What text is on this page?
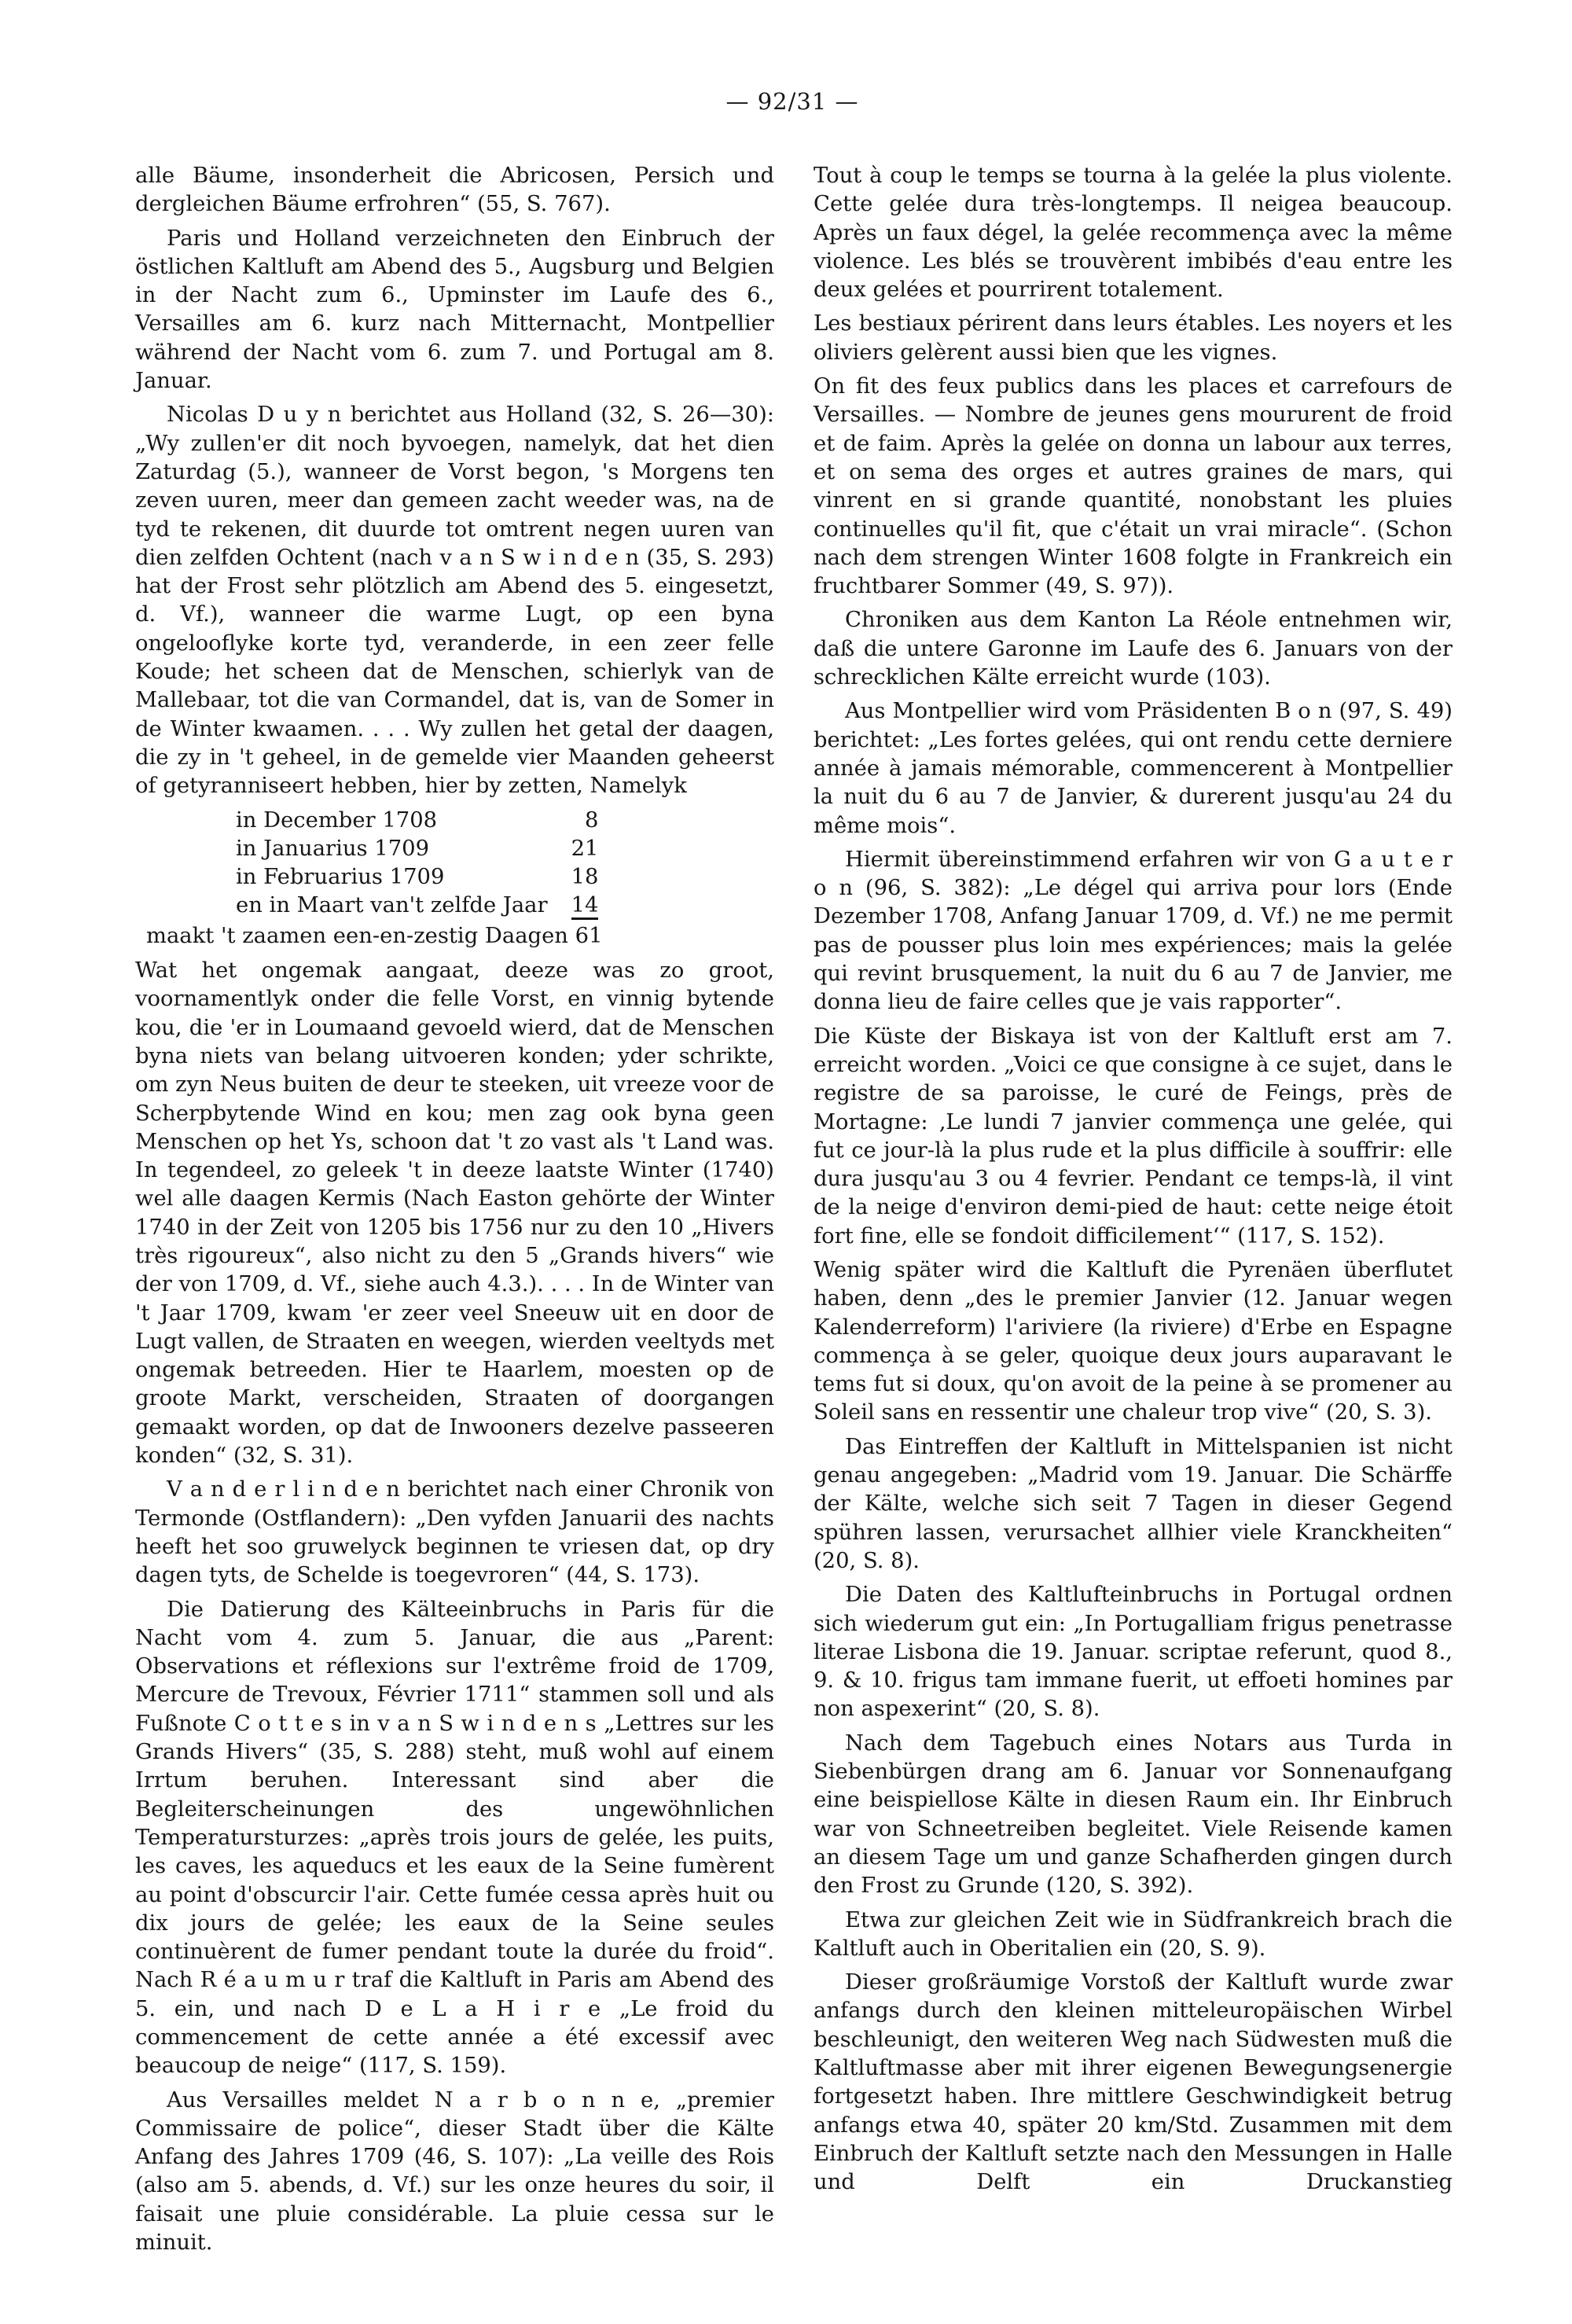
— 92/31 —

alle Bäume, insonderheit die Abricosen, Persich und dergleichen Bäume erfrohren“ (55, S. 767).

Paris und Holland verzeichneten den Einbruch der östlichen Kaltluft am Abend des 5., Augsburg und Belgien in der Nacht zum 6., Upminster im Laufe des 6., Versailles am 6. kurz nach Mitternacht, Montpellier während der Nacht vom 6. zum 7. und Portugal am 8. Januar.

Nicolas D u y n berichtet aus Holland (32, S. 26—30): „Wy zullen'er dit noch byvoegen, namelyk, dat het dien Zaturdag (5.), wanneer de Vorst begon, 's Morgens ten zeven uuren, meer dan gemeen zacht weeder was, na de tyd te rekenen, dit duurde tot omtrent negen uuren van dien zelfden Ochtent (nach v a n S w i n d e n (35, S. 293) hat der Frost sehr plötzlich am Abend des 5. eingesetzt, d. Vf.), wanneer die warme Lugt, op een byna ongelooflyke korte tyd, veranderde, in een zeer felle Koude; het scheen dat de Menschen, schierlyk van de Mallebaar, tot die van Cormandel, dat is, van de Somer in de Winter kwaamen. . . . Wy zullen het getal der daagen, die zy in 't geheel, in de gemelde vier Maanden geheerst of getyranniseert hebben, hier by zetten, Namelyk

in December 1708	8
in Januarius 1709	21
in Februarius 1709	18
en in Maart van't zelfde Jaar	14
maakt 't zaamen een-en-zestig Daagen 61

Wat het ongemak aangaat, deeze was zo groot, voornamentlyk onder die felle Vorst, en vinnig bytende kou, die 'er in Loumaand gevoeld wierd, dat de Menschen byna niets van belang uitvoeren konden; yder schrikte, om zyn Neus buiten de deur te steeken, uit vreeze voor de Scherpbytende Wind en kou; men zag ook byna geen Menschen op het Ys, schoon dat 't zo vast als 't Land was. In tegendeel, zo geleek 't in deeze laatste Winter (1740) wel alle daagen Kermis (Nach Easton gehörte der Winter 1740 in der Zeit von 1205 bis 1756 nur zu den 10 „Hivers très rigoureux“, also nicht zu den 5 „Grands hivers“ wie der von 1709, d. Vf., siehe auch 4.3.). . . . In de Winter van 't Jaar 1709, kwam 'er zeer veel Sneeuw uit en door de Lugt vallen, de Straaten en weegen, wierden veeltyds met ongemak betreeden. Hier te Haarlem, moesten op de groote Markt, verscheiden, Straaten of doorgangen gemaakt worden, op dat de Inwooners dezelve passeeren konden“ (32, S. 31).

V a n d e r l i n d e n berichtet nach einer Chronik von Termonde (Ostflandern): „Den vyfden Januarii des nachts heeft het soo gruwelyck beginnen te vriesen dat, op dry dagen tyts, de Schelde is toegevroren“ (44, S. 173).

Die Datierung des Kälteeinbruchs in Paris für die Nacht vom 4. zum 5. Januar, die aus „Parent: Observations et réflexions sur l'extrême froid de 1709, Mercure de Trevoux, Février 1711“ stammen soll und als Fußnote C o t t e s in v a n S w i n d e n s „Lettres sur les Grands Hivers“ (35, S. 288) steht, muß wohl auf einem Irrtum beruhen. Interessant sind aber die Begleiterscheinungen des ungewöhnlichen Temperatursturzes: „après trois jours de gelée, les puits, les caves, les aqueducs et les eaux de la Seine fumèrent au point d'obscurcir l'air. Cette fumée cessa après huit ou dix jours de gelée; les eaux de la Seine seules continuèrent de fumer pendant toute la durée du froid“. Nach R é a u m u r traf die Kaltluft in Paris am Abend des 5. ein, und nach D e L a H i r e „Le froid du commencement de cette année a été excessif avec beaucoup de neige“ (117, S. 159).

Aus Versailles meldet N a r b o n n e, „premier Commissaire de police“, dieser Stadt über die Kälte Anfang des Jahres 1709 (46, S. 107): „La veille des Rois (also am 5. abends, d. Vf.) sur les onze heures du soir, il faisait une pluie considérable. La pluie cessa sur le minuit.

Tout à coup le temps se tourna à la gelée la plus violente. Cette gelée dura très-longtemps. Il neigea beaucoup. Après un faux dégel, la gelée recommença avec la même violence. Les blés se trouvèrent imbibés d'eau entre les deux gelées et pourrirent totalement.

Les bestiaux périrent dans leurs étables. Les noyers et les oliviers gelèrent aussi bien que les vignes.

On fit des feux publics dans les places et carrefours de Versailles. — Nombre de jeunes gens moururent de froid et de faim. Après la gelée on donna un labour aux terres, et on sema des orges et autres graines de mars, qui vinrent en si grande quantité, nonobstant les pluies continuelles qu'il fit, que c'était un vrai miracle“. (Schon nach dem strengen Winter 1608 folgte in Frankreich ein fruchtbarer Sommer (49, S. 97)).

Chroniken aus dem Kanton La Réole entnehmen wir, daß die untere Garonne im Laufe des 6. Januars von der schrecklichen Kälte erreicht wurde (103).

Aus Montpellier wird vom Präsidenten B o n (97, S. 49) berichtet: „Les fortes gelées, qui ont rendu cette derniere année à jamais mémorable, commencerent à Montpellier la nuit du 6 au 7 de Janvier, & durerent jusqu'au 24 du même mois“.

Hiermit übereinstimmend erfahren wir von G a u t e r o n (96, S. 382): „Le dégel qui arriva pour lors (Ende Dezember 1708, Anfang Januar 1709, d. Vf.) ne me permit pas de pousser plus loin mes expériences; mais la gelée qui revint brusquement, la nuit du 6 au 7 de Janvier, me donna lieu de faire celles que je vais rapporter“.

Die Küste der Biskaya ist von der Kaltluft erst am 7. erreicht worden. „Voici ce que consigne à ce sujet, dans le registre de sa paroisse, le curé de Feings, près de Mortagne: ‚Le lundi 7 janvier commença une gelée, qui fut ce jour-là la plus rude et la plus difficile à souffrir: elle dura jusqu'au 3 ou 4 fevrier. Pendant ce temps-là, il vint de la neige d'environ demi-pied de haut: cette neige étoit fort fine, elle se fondoit difficilement‘“ (117, S. 152).

Wenig später wird die Kaltluft die Pyrenäen überflutet haben, denn „des le premier Janvier (12. Januar wegen Kalenderreform) l'ariviere (la riviere) d'Erbe en Espagne commença à se geler, quoique deux jours auparavant le tems fut si doux, qu'on avoit de la peine à se promener au Soleil sans en ressentir une chaleur trop vive“ (20, S. 3).

Das Eintreffen der Kaltluft in Mittelspanien ist nicht genau angegeben: „Madrid vom 19. Januar. Die Schärffe der Kälte, welche sich seit 7 Tagen in dieser Gegend spühren lassen, verursachet allhier viele Kranckheiten“ (20, S. 8).

Die Daten des Kaltlufteinbruchs in Portugal ordnen sich wiederum gut ein: „In Portugalliam frigus penetrasse literae Lisbona die 19. Januar. scriptae referunt, quod 8., 9. & 10. frigus tam immane fuerit, ut effoeti homines par non aspexerint“ (20, S. 8).

Nach dem Tagebuch eines Notars aus Turda in Siebenbürgen drang am 6. Januar vor Sonnenaufgang eine beispiellose Kälte in diesen Raum ein. Ihr Einbruch war von Schneetreiben begleitet. Viele Reisende kamen an diesem Tage um und ganze Schafherden gingen durch den Frost zu Grunde (120, S. 392).

Etwa zur gleichen Zeit wie in Südfrankreich brach die Kaltluft auch in Oberitalien ein (20, S. 9).

Dieser großräumige Vorstoß der Kaltluft wurde zwar anfangs durch den kleinen mitteleuropäischen Wirbel beschleunigt, den weiteren Weg nach Südwesten muß die Kaltluftmasse aber mit ihrer eigenen Bewegungsenergie fortgesetzt haben. Ihre mittlere Geschwindigkeit betrug anfangs etwa 40, später 20 km/Std. Zusammen mit dem Einbruch der Kaltluft setzte nach den Messungen in Halle und Delft ein Druckanstieg
